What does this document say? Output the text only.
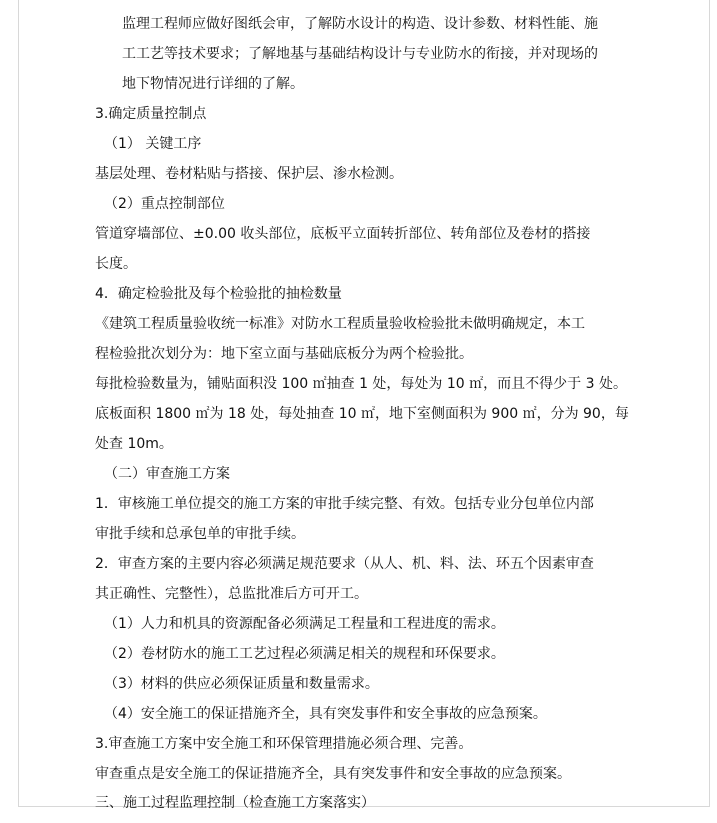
监理工程师应做好图纸会审，了解防水设计的构造、设计参数、材料性能、施
工工艺等技术要求；了解地基与基础结构设计与专业防水的衔接，并对现场的
地下物情况进行详细的了解。
3.确定质量控制点
（1） 关键工序
基层处理、卷材粘贴与搭接、保护层、渗水检测。
（2）重点控制部位
管道穿墙部位、±0.00 收头部位，底板平立面转折部位、转角部位及卷材的搭接
长度。
4．确定检验批及每个检验批的抽检数量
《建筑工程质量验收统一标准》对防水工程质量验收检验批未做明确规定，本工
程检验批次划分为：地下室立面与基础底板分为两个检验批。
每批检验数量为，铺贴面积没 100 ㎡抽查 1 处，每处为 10 ㎡，而且不得少于 3 处。
底板面积 1800 ㎡为 18 处，每处抽查 10 ㎡，地下室侧面积为 900 ㎡，分为 90，每
处查 10m。
（二）审查施工方案
1．审核施工单位提交的施工方案的审批手续完整、有效。包括专业分包单位内部
审批手续和总承包单的审批手续。
2．审查方案的主要内容必须满足规范要求（从人、机、料、法、环五个因素审查
其正确性、完整性），总监批准后方可开工。
（1）人力和机具的资源配备必须满足工程量和工程进度的需求。
（2）卷材防水的施工工艺过程必须满足相关的规程和环保要求。
（3）材料的供应必须保证质量和数量需求。
（4）安全施工的保证措施齐全，具有突发事件和安全事故的应急预案。
3.审查施工方案中安全施工和环保管理措施必须合理、完善。
审查重点是安全施工的保证措施齐全，具有突发事件和安全事故的应急预案。
三、施工过程监理控制（检查施工方案落实）
